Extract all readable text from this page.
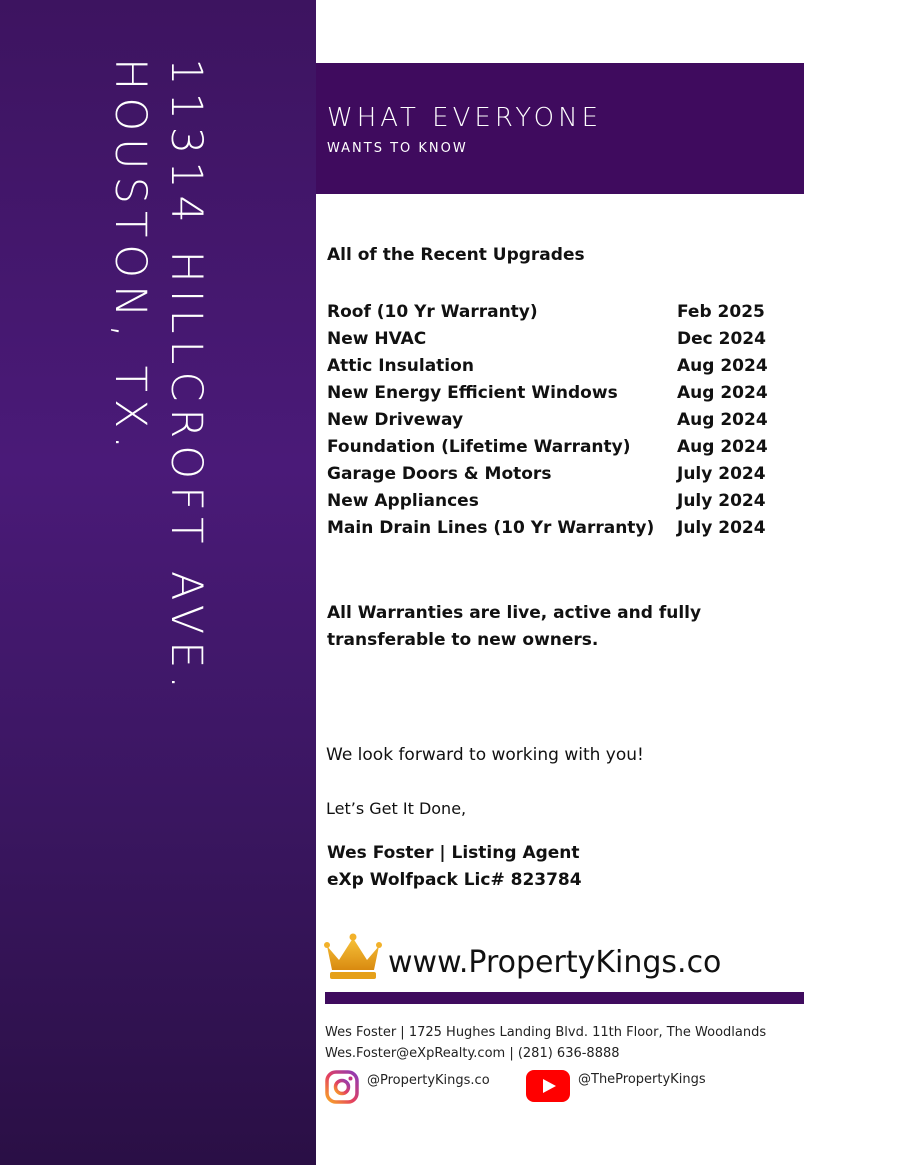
11314 HILLCROFT AVE.
HOUSTON, TX.	WHAT EVERYONE
WANTS TO KNOW
All of the Recent Upgrades
Roof (10 Yr Warranty)	Feb 2025
New HVAC	Dec 2024
Attic Insulation	Aug 2024
New Energy Efficient Windows	Aug 2024
New Driveway	Aug 2024
Foundation (Lifetime Warranty)	Aug 2024
Garage Doors & Motors	July 2024
New Appliances	July 2024
Main Drain Lines (10 Yr Warranty)	July 2024
All Warranties are live, active and fully transferable to new owners.
We look forward to working with you!
Let’s Get It Done,
Wes Foster | Listing Agent
eXp Wolfpack Lic# 823784
www.PropertyKings.co
Wes Foster | 1725 Hughes Landing Blvd. 11th Floor, The Woodlands
Wes.Foster@eXpRealty.com | (281) 636-8888
@PropertyKings.co	@ThePropertyKings
